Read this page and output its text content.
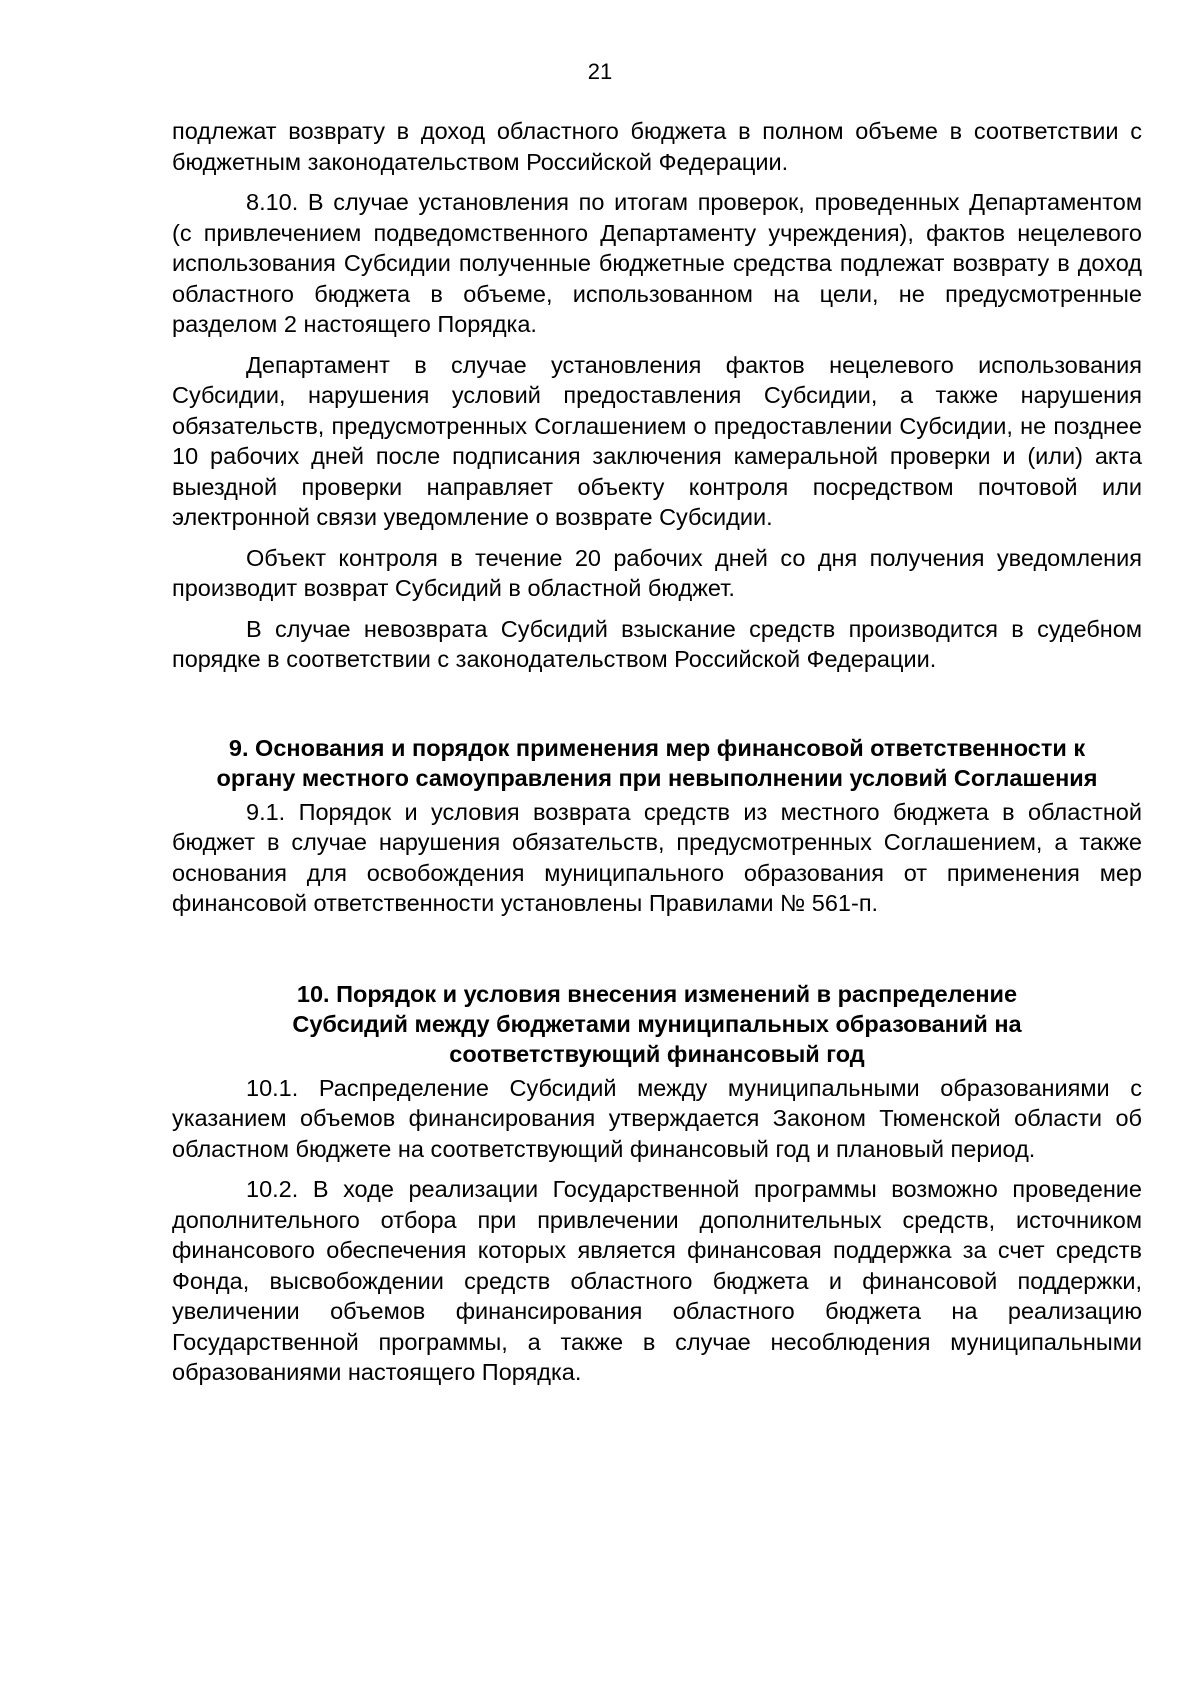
21

подлежат возврату в доход областного бюджета в полном объеме в соответствии с бюджетным законодательством Российской Федерации.

8.10. В случае установления по итогам проверок, проведенных Департаментом (с привлечением подведомственного Департаменту учреждения), фактов нецелевого использования Субсидии полученные бюджетные средства подлежат возврату в доход областного бюджета в объеме, использованном на цели, не предусмотренные разделом 2 настоящего Порядка.

Департамент в случае установления фактов нецелевого использования Субсидии, нарушения условий предоставления Субсидии, а также нарушения обязательств, предусмотренных Соглашением о предоставлении Субсидии, не позднее 10 рабочих дней после подписания заключения камеральной проверки и (или) акта выездной проверки направляет объекту контроля посредством почтовой или электронной связи уведомление о возврате Субсидии.

Объект контроля в течение 20 рабочих дней со дня получения уведомления производит возврат Субсидий в областной бюджет.

В случае невозврата Субсидий взыскание средств производится в судебном порядке в соответствии с законодательством Российской Федерации.

9. Основания и порядок применения мер финансовой ответственности к органу местного самоуправления при невыполнении условий Соглашения

9.1. Порядок и условия возврата средств из местного бюджета в областной бюджет в случае нарушения обязательств, предусмотренных Соглашением, а также основания для освобождения муниципального образования от применения мер финансовой ответственности установлены Правилами № 561-п.

10. Порядок и условия внесения изменений в распределение Субсидий между бюджетами муниципальных образований на соответствующий финансовый год

10.1. Распределение Субсидий между муниципальными образованиями с указанием объемов финансирования утверждается Законом Тюменской области об областном бюджете на соответствующий финансовый год и плановый период.

10.2. В ходе реализации Государственной программы возможно проведение дополнительного отбора при привлечении дополнительных средств, источником финансового обеспечения которых является финансовая поддержка за счет средств Фонда, высвобождении средств областного бюджета и финансовой поддержки, увеличении объемов финансирования областного бюджета на реализацию Государственной программы, а также в случае несоблюдения муниципальными образованиями настоящего Порядка.
